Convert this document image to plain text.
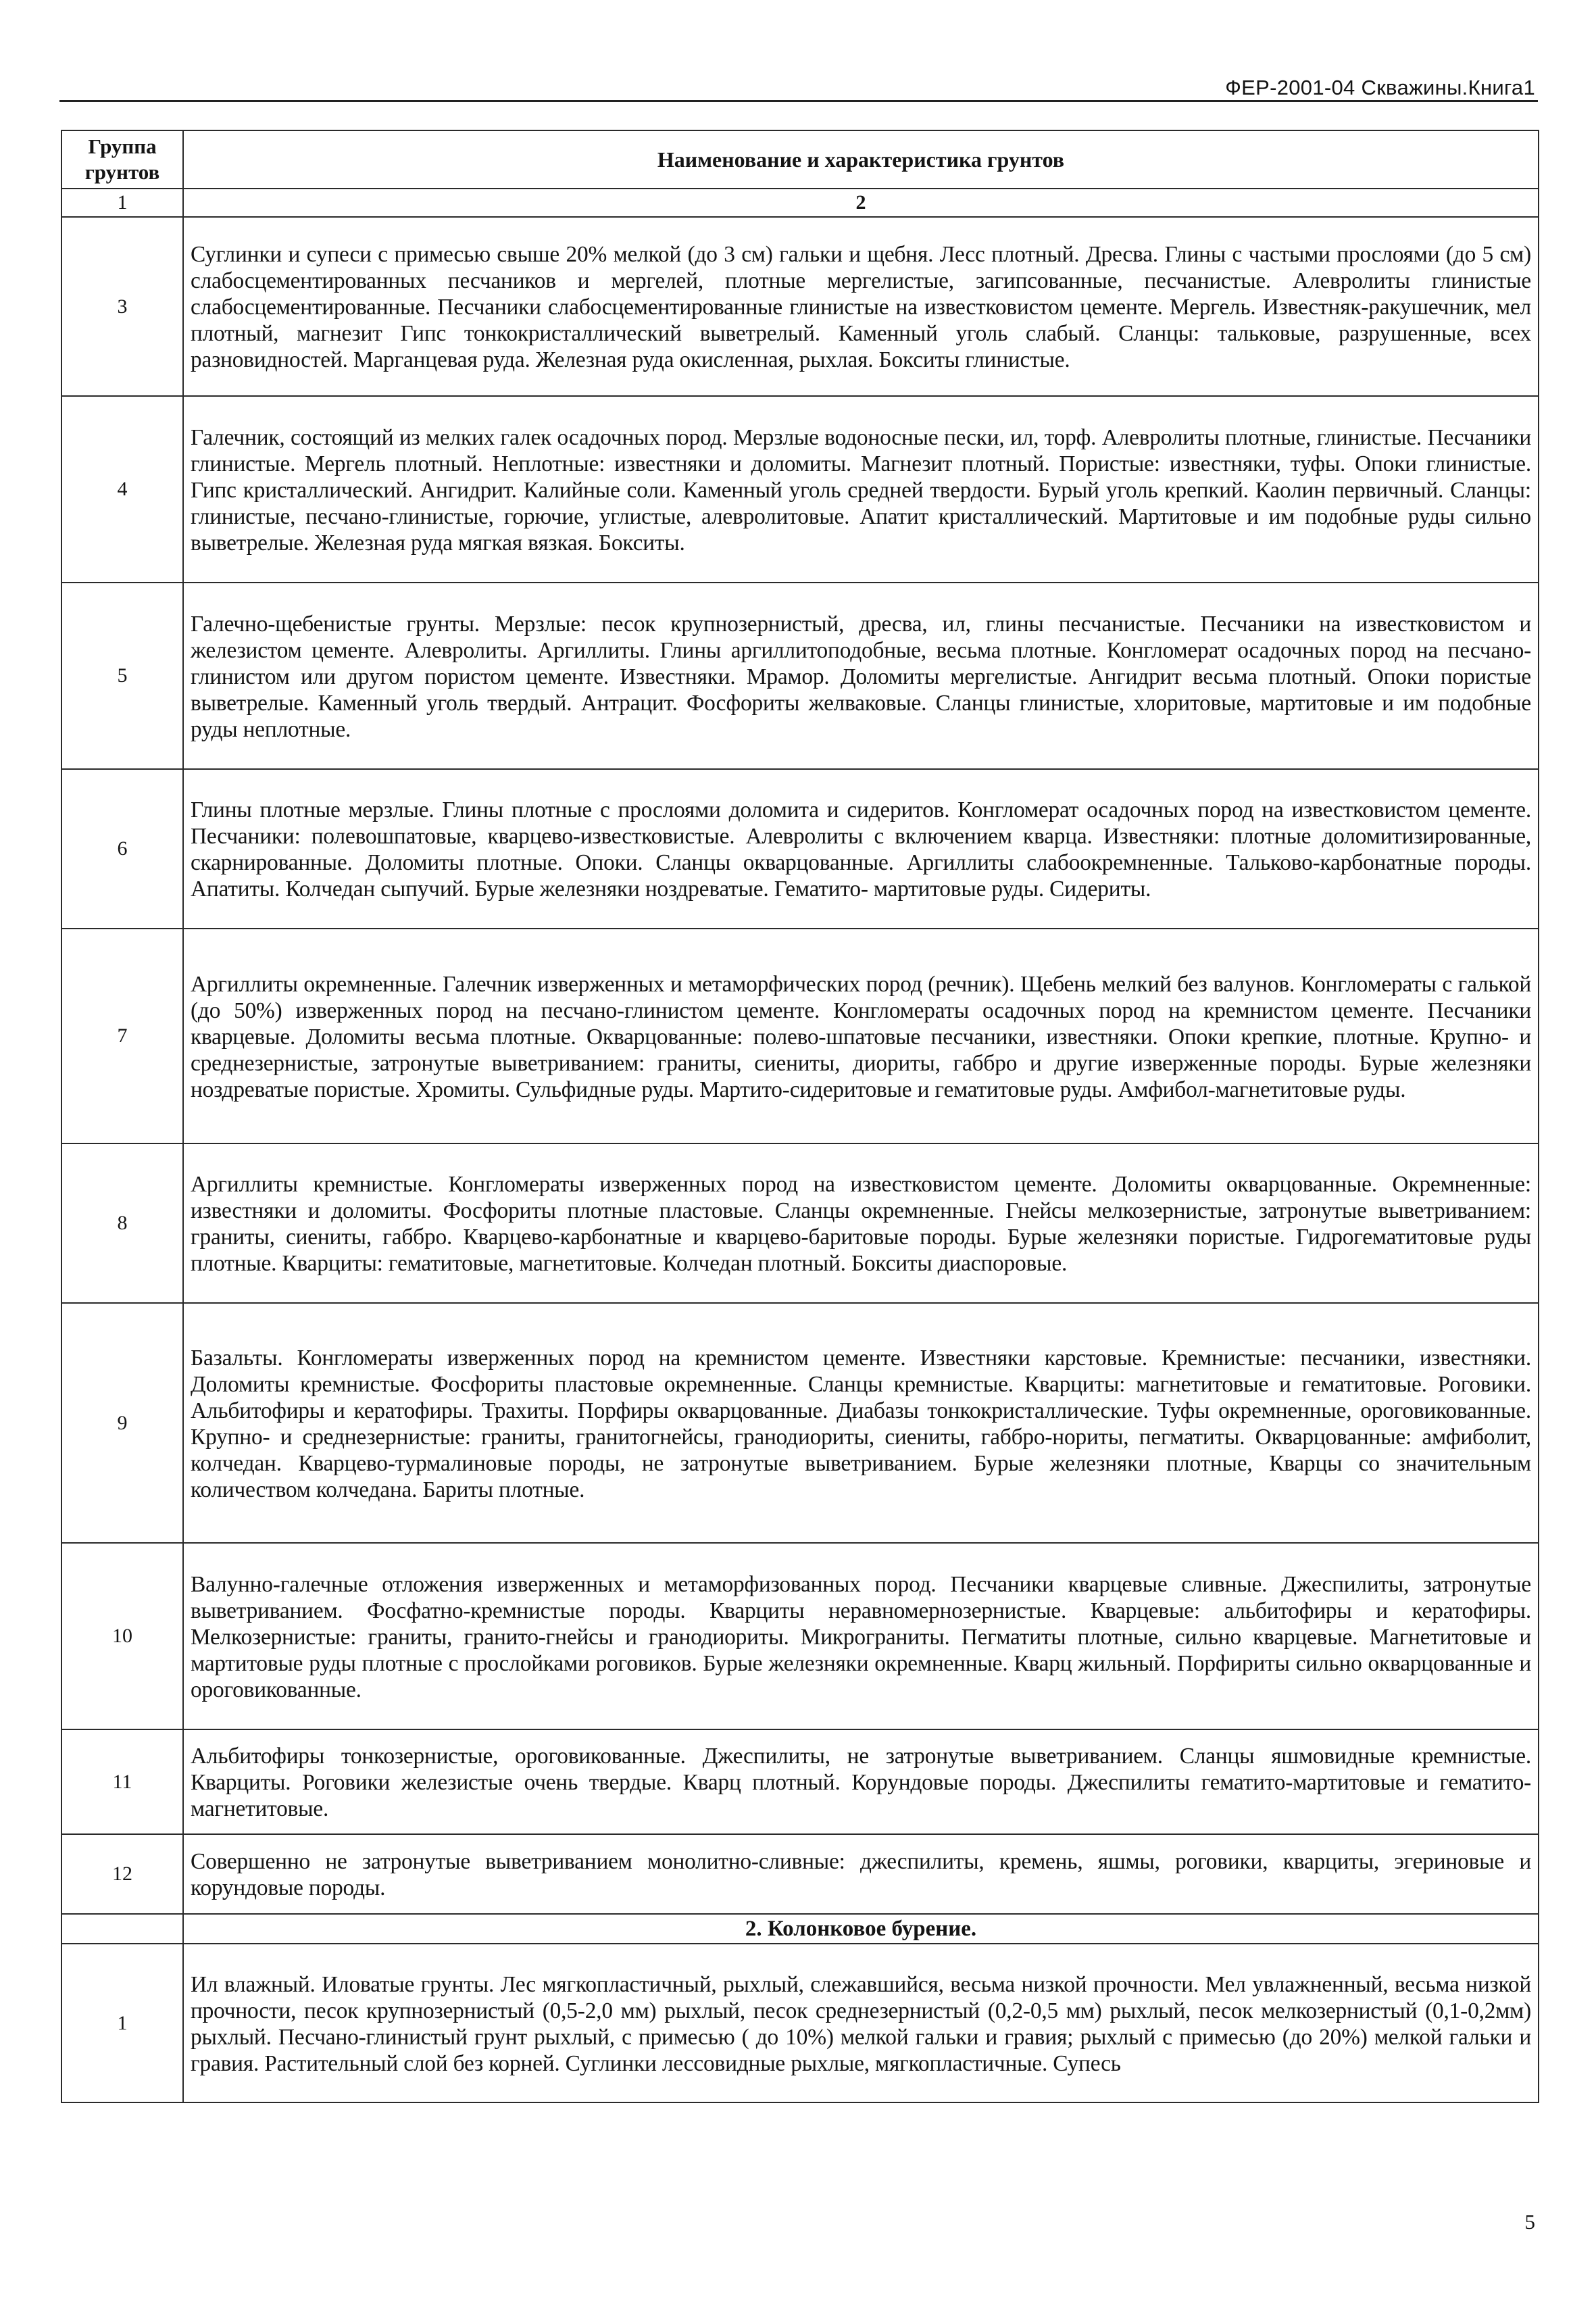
ФЕР-2001-04 Скважины.Книга1
Группа грунтов	Наименование и характеристика грунтов
1	2
3	Суглинки и супеси с примесью свыше 20% мелкой (до 3 см) гальки и щебня. Лесс плотный. Дресва. Глины с частыми прослоями (до 5 см) слабосцементированных песчаников и мергелей, плотные мергелистые, загипсованные, песчанистые. Алевролиты глинистые слабосцементированные. Песчаники слабосцементированные глинистые на известковистом цементе. Мергель. Известняк-ракушечник, мел плотный, магнезит Гипс тонкокристаллический выветрелый. Каменный уголь слабый. Сланцы: тальковые, разрушенные, всех разновидностей. Марганцевая руда. Железная руда окисленная, рыхлая. Бокситы глинистые.
4	Галечник, состоящий из мелких галек осадочных пород. Мерзлые водоносные пески, ил, торф. Алевролиты плотные, глинистые. Песчаники глинистые. Мергель плотный. Неплотные: известняки и доломиты. Магнезит плотный. Пористые: известняки, туфы. Опоки глинистые. Гипс кристаллический. Ангидрит. Калийные соли. Каменный уголь средней твердости. Бурый уголь крепкий. Каолин первичный. Сланцы: глинистые, песчано-глинистые, горючие, углистые, алевролитовые. Апатит кристаллический. Мартитовые и им подобные руды сильно выветрелые. Железная руда мягкая вязкая. Бокситы.
5	Галечно-щебенистые грунты. Мерзлые: песок крупнозернистый, дресва, ил, глины песчанистые. Песчаники на известковистом и железистом цементе. Алевролиты. Аргиллиты. Глины аргиллитоподобные, весьма плотные. Конгломерат осадочных пород на песчано-глинистом или другом пористом цементе. Известняки. Мрамор. Доломиты мергелистые. Ангидрит весьма плотный. Опоки пористые выветрелые. Каменный уголь твердый. Антрацит. Фосфориты желваковые. Сланцы глинистые, хлоритовые, мартитовые и им подобные руды неплотные.
6	Глины плотные мерзлые. Глины плотные с прослоями доломита и сидеритов. Конгломерат осадочных пород на известковистом цементе. Песчаники: полевошпатовые, кварцево-известковистые. Алевролиты с включением кварца. Известняки: плотные доломитизированные, скарнированные. Доломиты плотные. Опоки. Сланцы окварцованные. Аргиллиты слабоокремненные. Тальково-карбонатные породы. Апатиты. Колчедан сыпучий. Бурые железняки ноздреватые. Гематито- мартитовые руды. Сидериты.
7	Аргиллиты окремненные. Галечник изверженных и метаморфических пород (речник). Щебень мелкий без валунов. Конгломераты с галькой (до 50%) изверженных пород на песчано-глинистом цементе. Конгломераты осадочных пород на кремнистом цементе. Песчаники кварцевые. Доломиты весьма плотные. Окварцованные: полево-шпатовые песчаники, известняки. Опоки крепкие, плотные. Крупно- и среднезернистые, затронутые выветриванием: граниты, сиениты, диориты, габбро и другие изверженные породы. Бурые железняки ноздреватые пористые. Хромиты. Сульфидные руды. Мартито-сидеритовые и гематитовые руды. Амфибол-магнетитовые руды.
8	Аргиллиты кремнистые. Конгломераты изверженных пород на известковистом цементе. Доломиты окварцованные. Окремненные: известняки и доломиты. Фосфориты плотные пластовые. Сланцы окремненные. Гнейсы мелкозернистые, затронутые выветриванием: граниты, сиениты, габбро. Кварцево-карбонатные и кварцево-баритовые породы. Бурые железняки пористые. Гидрогематитовые руды плотные. Кварциты: гематитовые, магнетитовые. Колчедан плотный. Бокситы диаспоровые.
9	Базальты. Конгломераты изверженных пород на кремнистом цементе. Известняки карстовые. Кремнистые: песчаники, известняки. Доломиты кремнистые. Фосфориты пластовые окремненные. Сланцы кремнистые. Кварциты: магнетитовые и гематитовые. Роговики. Альбитофиры и кератофиры. Трахиты. Порфиры окварцованные. Диабазы тонкокристаллические. Туфы окремненные, ороговикованные. Крупно- и среднезернистые: граниты, гранитогнейсы, гранодиориты, сиениты, габбро-нориты, пегматиты. Окварцованные: амфиболит, колчедан. Кварцево-турмалиновые породы, не затронутые выветриванием. Бурые железняки плотные, Кварцы со значительным количеством колчедана. Бариты плотные.
10	Валунно-галечные отложения изверженных и метаморфизованных пород. Песчаники кварцевые сливные. Джеспилиты, затронутые выветриванием. Фосфатно-кремнистые породы. Кварциты неравномернозернистые. Кварцевые: альбитофиры и кератофиры. Мелкозернистые: граниты, гранито-гнейсы и гранодиориты. Микрограниты. Пегматиты плотные, сильно кварцевые. Магнетитовые и мартитовые руды плотные с прослойками роговиков. Бурые железняки окремненные. Кварц жильный. Порфириты сильно окварцованные и ороговикованные.
11	Альбитофиры тонкозернистые, ороговикованные. Джеспилиты, не затронутые выветриванием. Сланцы яшмовидные кремнистые. Кварциты. Роговики железистые очень твердые. Кварц плотный. Корундовые породы. Джеспилиты гематито-мартитовые и гематито-магнетитовые.
12	Совершенно не затронутые выветриванием монолитно-сливные: джеспилиты, кремень, яшмы, роговики, кварциты, эгериновые и корундовые породы.
	2. Колонковое бурение.
1	Ил влажный. Иловатые грунты. Лес мягкопластичный, рыхлый, слежавшийся, весьма низкой прочности. Мел увлажненный, весьма низкой прочности, песок крупнозернистый (0,5-2,0 мм) рыхлый, песок среднезернистый (0,2-0,5 мм) рыхлый, песок мелкозернистый (0,1-0,2мм) рыхлый. Песчано-глинистый грунт рыхлый, с примесью ( до 10%) мелкой гальки и гравия; рыхлый с примесью (до 20%) мелкой гальки и гравия. Растительный слой без корней. Суглинки лессовидные рыхлые, мягкопластичные. Супесь
5
